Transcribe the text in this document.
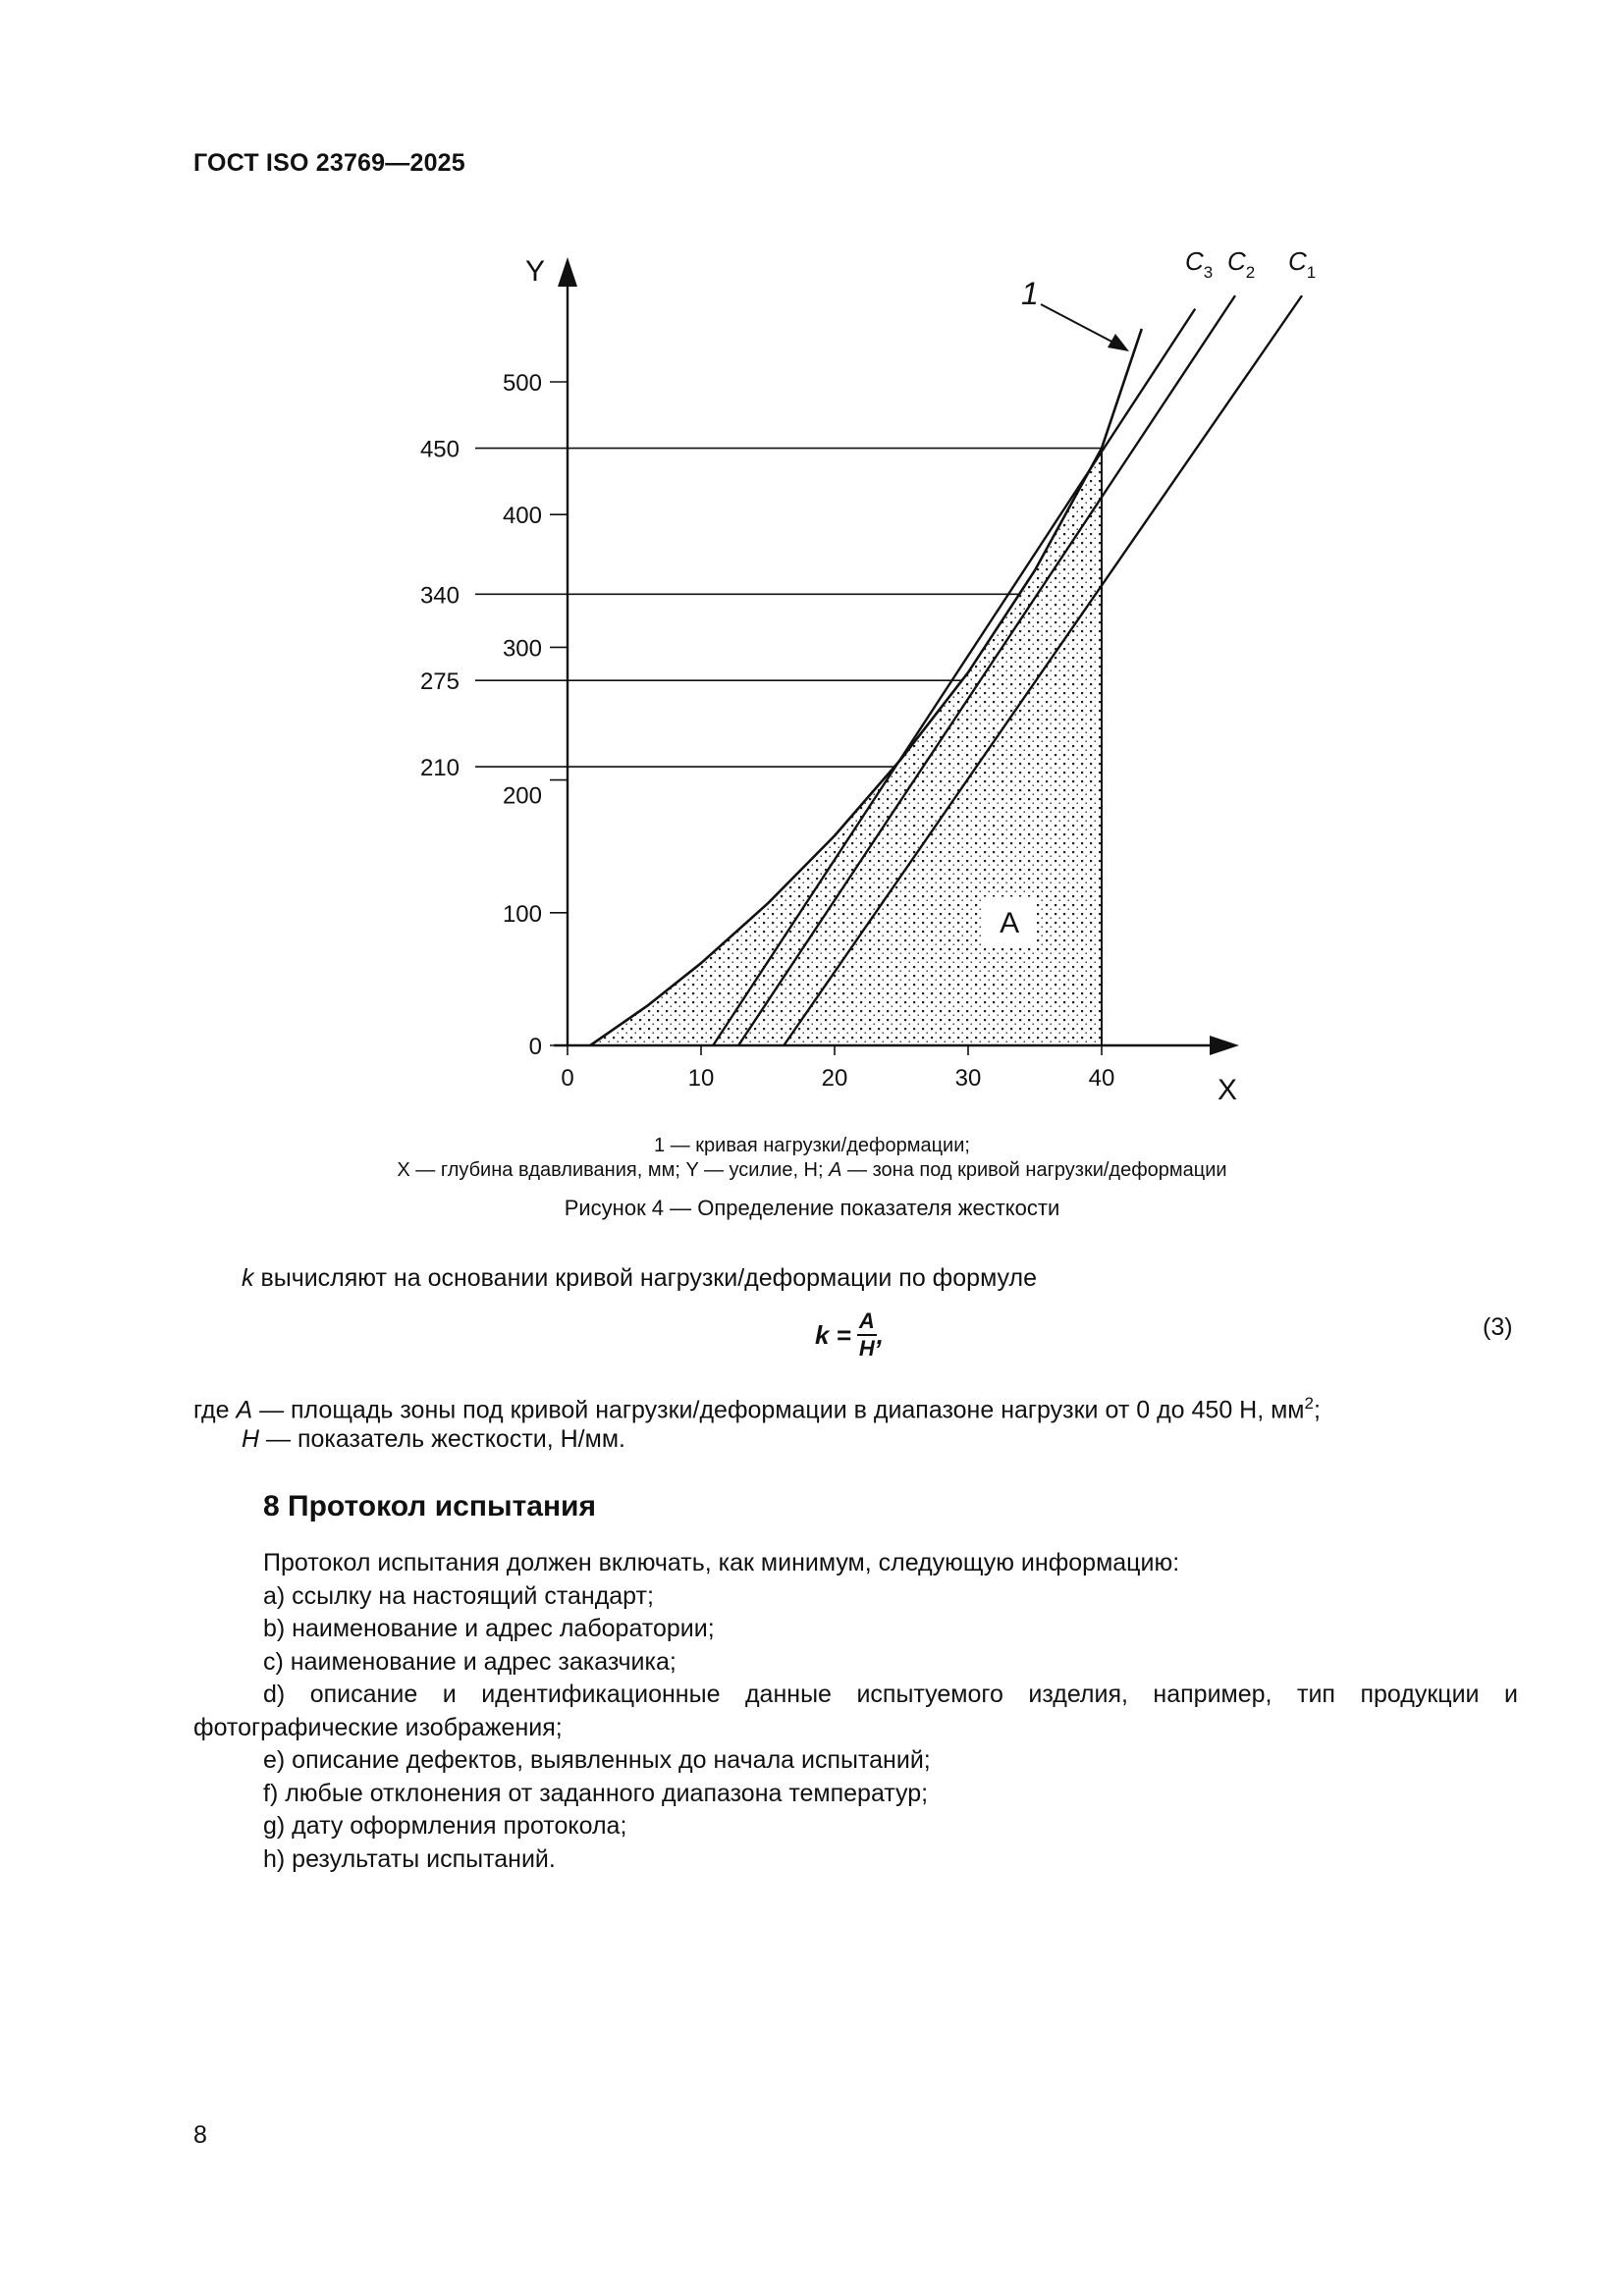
ГОСТ ISO 23769—2025
A
210
275
340
450
0
100
200
300
400
500
0	10	20	30	40
Y
X
1
$C_3$ $C_2$ $C_1$
1 — кривая нагрузки/деформации;
X — глубина вдавливания, мм; Y — усилие, Н; A — зона под кривой нагрузки/деформации
Рисунок 4 — Определение показателя жесткости
k вычисляют на основании кривой нагрузки/деформации по формуле
$k = \frac{A}{H}$ ,	(3)
где A — площадь зоны под кривой нагрузки/деформации в диапазоне нагрузки от 0 до 450 Н, $мм^2$;
H — показатель жесткости, Н/мм.
8 Протокол испытания
Протокол испытания должен включать, как минимум, следующую информацию:
a) ссылку на настоящий стандарт;
b) наименование и адрес лаборатории;
c) наименование и адрес заказчика;
d) описание и идентификационные данные испытуемого изделия, например, тип продукции и
фотографические изображения;
e) описание дефектов, выявленных до начала испытаний;
f) любые отклонения от заданного диапазона температур;
g) дату оформления протокола;
h) результаты испытаний.
8
